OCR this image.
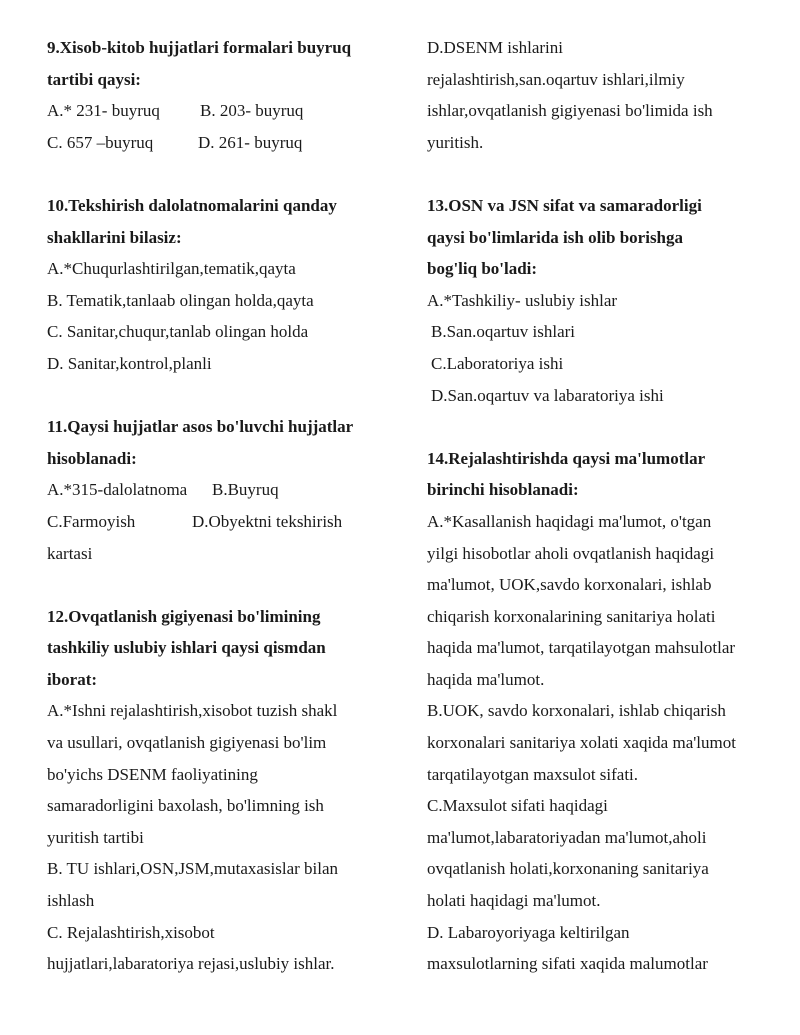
9.Xisob-kitob hujjatlari formalari buyruq
tartibi qaysi:
A.* 231- buyruq B. 203- buyruq
C. 657 –buyruq	D. 261- buyruq
10.Tekshirish dalolatnomalarini qanday
shakllarini bilasiz:
A.*Chuqurlashtirilgan,tematik,qayta
B. Tematik,tanlaab olingan holda,qayta
C. Sanitar,chuqur,tanlab olingan holda
D. Sanitar,kontrol,planli
11.Qaysi hujjatlar asos bo'luvchi hujjatlar
hisoblanadi:
A.*315-dalolatnoma B.Buyruq
C.Farmoyish	D.Obyektni tekshirish
kartasi
12.Ovqatlanish gigiyenasi bo'limining
tashkiliy uslubiy ishlari qaysi qismdan
iborat:
A.*Ishni rejalashtirish,xisobot tuzish shakl
va usullari, ovqatlanish gigiyenasi bo'lim
bo'yichs DSENM faoliyatining
samaradorligini baxolash, bo'limning ish
yuritish tartibi
B. TU ishlari,OSN,JSM,mutaxasislar bilan
ishlash
C. Rejalashtirish,xisobot
hujjatlari,labaratoriya rejasi,uslubiy ishlar.
D.DSENM ishlarini
rejalashtirish,san.oqartuv ishlari,ilmiy
ishlar,ovqatlanish gigiyenasi bo'limida ish
yuritish.
13.OSN va JSN sifat va samaradorligi
qaysi bo'limlarida ish olib borishga
bog'liq bo'ladi:
A.*Tashkiliy- uslubiy ishlar
B.San.oqartuv ishlari
C.Laboratoriya ishi
D.San.oqartuv va labaratoriya ishi
14.Rejalashtirishda qaysi ma'lumotlar
birinchi hisoblanadi:
A.*Kasallanish haqidagi ma'lumot, o'tgan
yilgi hisobotlar aholi ovqatlanish haqidagi
ma'lumot, UOK,savdo korxonalari, ishlab
chiqarish korxonalarining sanitariya holati
haqida ma'lumot, tarqatilayotgan mahsulotlar
haqida ma'lumot.
B.UOK, savdo korxonalari, ishlab chiqarish
korxonalari sanitariya xolati xaqida ma'lumot
tarqatilayotgan maxsulot sifati.
C.Maxsulot sifati haqidagi
ma'lumot,labaratoriyadan ma'lumot,aholi
ovqatlanish holati,korxonaning sanitariya
holati haqidagi ma'lumot.
D. Labaroyoriyaga keltirilgan
maxsulotlarning sifati xaqida malumotlar
